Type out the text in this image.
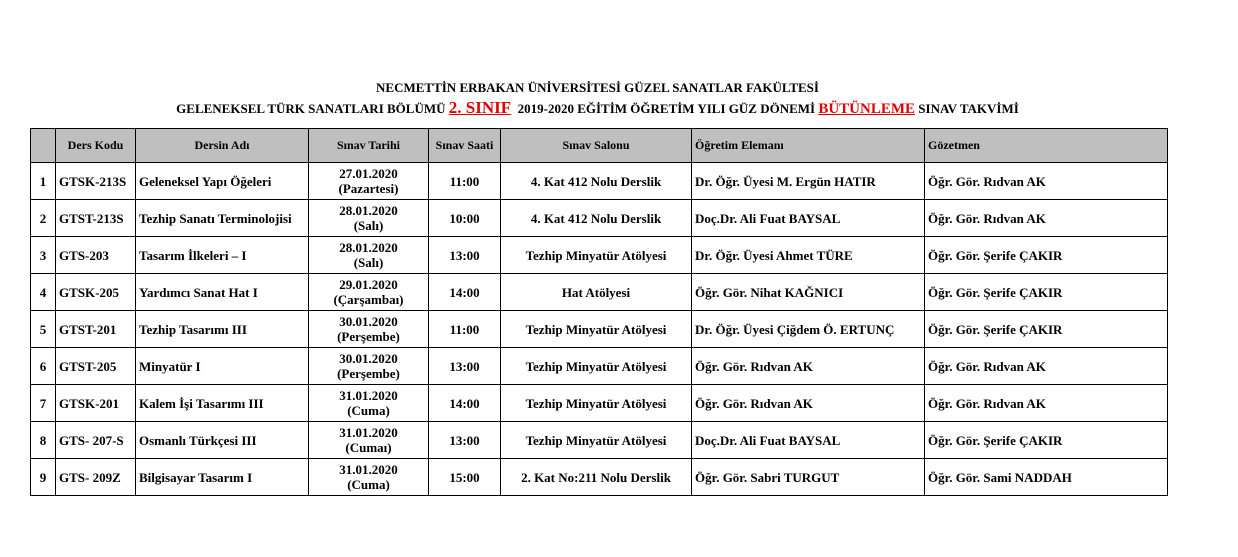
NECMETTİN ERBAKAN ÜNİVERSİTESİ GÜZEL SANATLAR FAKÜLTESİ
GELENEKSEL TÜRK SANATLARI BÖLÜMÜ 2. SINIF 2019-2020 EĞİTİM ÖĞRETİM YILI GÜZ DÖNEMİ BÜTÜNLEME SINAV TAKVİMİ
	Ders Kodu	Dersin Adı	Sınav Tarihi	Sınav Saati	Sınav Salonu	Öğretim Elemanı	Gözetmen
1	GTSK-213S	Geleneksel Yapı Öğeleri	27.01.2020
(Pazartesi)	11:00	4. Kat 412 Nolu Derslik	Dr. Öğr. Üyesi M. Ergün HATIR	Öğr. Gör. Rıdvan AK
2	GTST-213S	Tezhip Sanatı Terminolojisi	28.01.2020
(Salı)	10:00	4. Kat 412 Nolu Derslik	Doç.Dr. Ali Fuat BAYSAL	Öğr. Gör. Rıdvan AK
3	GTS-203	Tasarım İlkeleri – I	28.01.2020
(Salı)	13:00	Tezhip Minyatür Atölyesi	Dr. Öğr. Üyesi Ahmet TÜRE	Öğr. Gör. Şerife ÇAKIR
4	GTSK-205	Yardımcı Sanat Hat I	29.01.2020
(Çarşambaı)	14:00	Hat Atölyesi	Öğr. Gör. Nihat KAĞNICI	Öğr. Gör. Şerife ÇAKIR
5	GTST-201	Tezhip Tasarımı III	30.01.2020
(Perşembe)	11:00	Tezhip Minyatür Atölyesi	Dr. Öğr. Üyesi Çiğdem Ö. ERTUNÇ	Öğr. Gör. Şerife ÇAKIR
6	GTST-205	Minyatür I	30.01.2020
(Perşembe)	13:00	Tezhip Minyatür Atölyesi	Öğr. Gör. Rıdvan AK	Öğr. Gör. Rıdvan AK
7	GTSK-201	Kalem İşi Tasarımı III	31.01.2020
(Cuma)	14:00	Tezhip Minyatür Atölyesi	Öğr. Gör. Rıdvan AK	Öğr. Gör. Rıdvan AK
8	GTS- 207-S	Osmanlı Türkçesi III	31.01.2020
(Cumaı)	13:00	Tezhip Minyatür Atölyesi	Doç.Dr. Ali Fuat BAYSAL	Öğr. Gör. Şerife ÇAKIR
9	GTS- 209Z	Bilgisayar Tasarım I	31.01.2020
(Cuma)	15:00	2. Kat No:211 Nolu Derslik	Öğr. Gör. Sabri TURGUT	Öğr. Gör. Sami NADDAH
